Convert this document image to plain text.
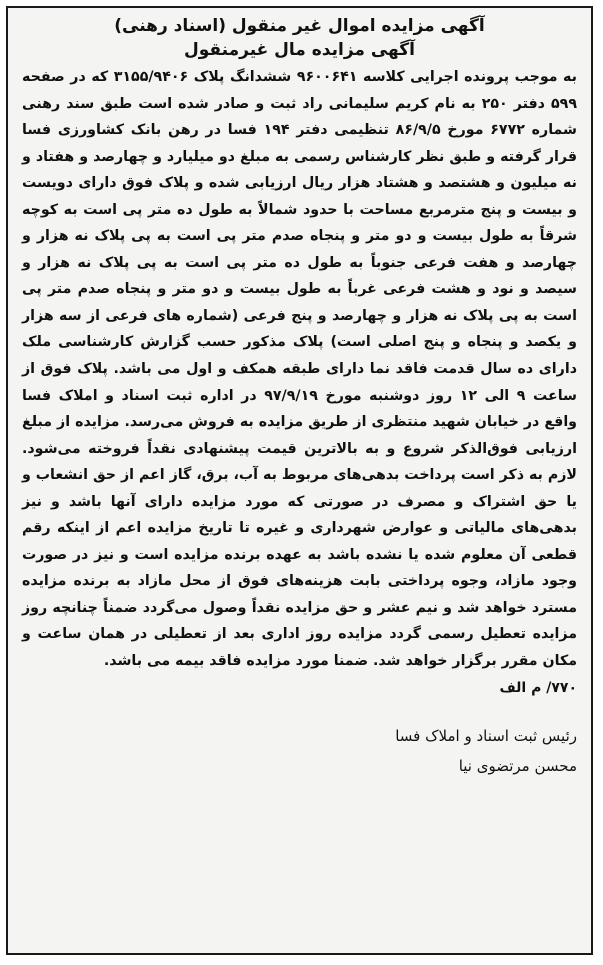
آگهی مزایده اموال غیر منقول (اسناد رهنی)

آگهی مزایده مال غیرمنقول

به موجب پرونده اجرایی کلاسه ۹۶۰۰۶۴۱ ششدانگ پلاک ۳۱۵۵/۹۴۰۶ که در صفحه ۵۹۹ دفتر ۲۵۰ به نام کریم سلیمانی راد ثبت و صادر شده است طبق سند رهنی شماره ۶۷۷۲ مورخ ۸۶/۹/۵ تنظیمی دفتر ۱۹۴ فسا در رهن بانک کشاورزی فسا قرار گرفته و طبق نظر کارشناس رسمی به مبلغ دو میلیارد و چهارصد و هفتاد و نه میلیون و هشتصد و هشتاد هزار ریال ارزیابی شده و پلاک فوق دارای دویست و بیست و پنج مترمربع مساحت با حدود شمالاً به طول ده متر پی است به کوچه شرقاً به طول بیست و دو متر و پنجاه صدم متر پی است به پی پلاک نه هزار و چهارصد و هفت فرعی جنوباً به طول ده متر پی است به پی پلاک نه هزار و سیصد و نود و هشت فرعی غرباً به طول بیست و دو متر و پنجاه صدم متر پی است به پی پلاک نه هزار و چهارصد و پنج فرعی (شماره های فرعی از سه هزار و یکصد و پنجاه و پنج اصلی است) پلاک مذکور حسب گزارش کارشناسی ملک دارای ده سال قدمت فاقد نما دارای طبقه همکف و اول می باشد. پلاک فوق از ساعت ۹ الی ۱۲ روز دوشنبه مورخ ۹۷/۹/۱۹ در اداره ثبت اسناد و املاک فسا واقع در خیابان شهید منتظری از طریق مزایده به فروش می‌رسد. مزایده از مبلغ ارزیابی فوق‌الذکر شروع و به بالاترین قیمت پیشنهادی نقداً فروخته می‌شود. لازم به ذکر است پرداخت بدهی‌های مربوط به آب، برق، گاز اعم از حق انشعاب و یا حق اشتراک و مصرف در صورتی که مورد مزایده دارای آنها باشد و نیز بدهی‌های مالیاتی و عوارض شهرداری و غیره تا تاریخ مزایده اعم از اینکه رقم قطعی آن معلوم شده یا نشده باشد به عهده برنده مزایده است و نیز در صورت وجود مازاد، وجوه پرداختی بابت هزینه‌های فوق از محل مازاد به برنده مزایده مسترد خواهد شد و نیم عشر و حق مزایده نقداً وصول می‌گردد ضمناً چنانچه روز مزایده تعطیل رسمی گردد مزایده روز اداری بعد از تعطیلی در همان ساعت و مکان مقرر برگزار خواهد شد. ضمنا مورد مزایده فاقد بیمه می باشد.

۷۷۰/ م الف

رئیس ثبت اسناد و املاک فسا
محسن مرتضوی نیا
